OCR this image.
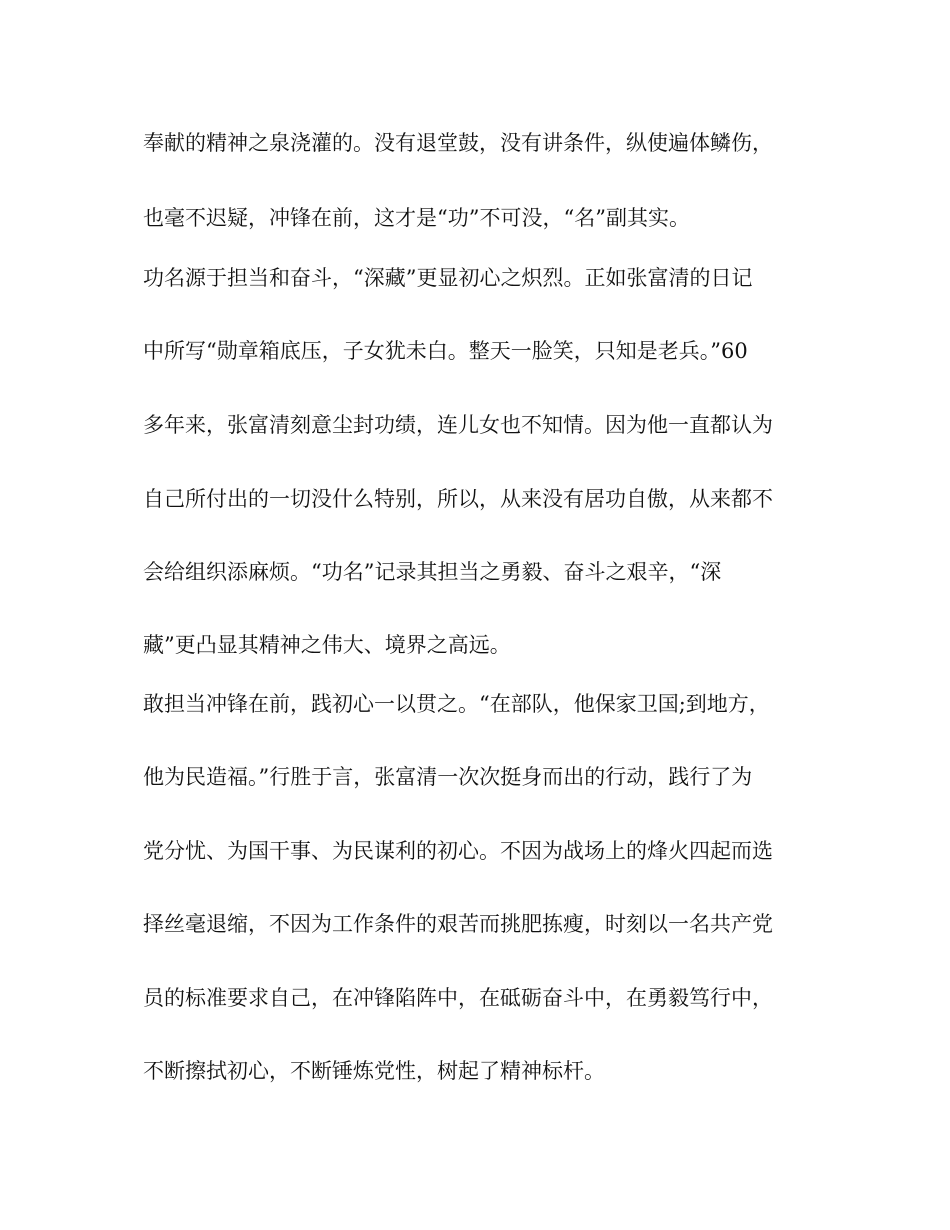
奉献的精神之泉浇灌的。没有退堂鼓，没有讲条件，纵使遍体鳞伤，
也毫不迟疑，冲锋在前，这才是“功”不可没，“名”副其实。
功名源于担当和奋斗，“深藏”更显初心之炽烈。正如张富清的日记
中所写“勋章箱底压，子女犹未白。整天一脸笑，只知是老兵。”60
多年来，张富清刻意尘封功绩，连儿女也不知情。因为他一直都认为
自己所付出的一切没什么特别，所以，从来没有居功自傲，从来都不
会给组织添麻烦。“功名”记录其担当之勇毅、奋斗之艰辛，“深
藏”更凸显其精神之伟大、境界之高远。
敢担当冲锋在前，践初心一以贯之。“在部队，他保家卫国;到地方，
他为民造福。”行胜于言，张富清一次次挺身而出的行动，践行了为
党分忧、为国干事、为民谋利的初心。不因为战场上的烽火四起而选
择丝毫退缩，不因为工作条件的艰苦而挑肥拣瘦，时刻以一名共产党
员的标准要求自己，在冲锋陷阵中，在砥砺奋斗中，在勇毅笃行中，
不断擦拭初心，不断锤炼党性，树起了精神标杆。
